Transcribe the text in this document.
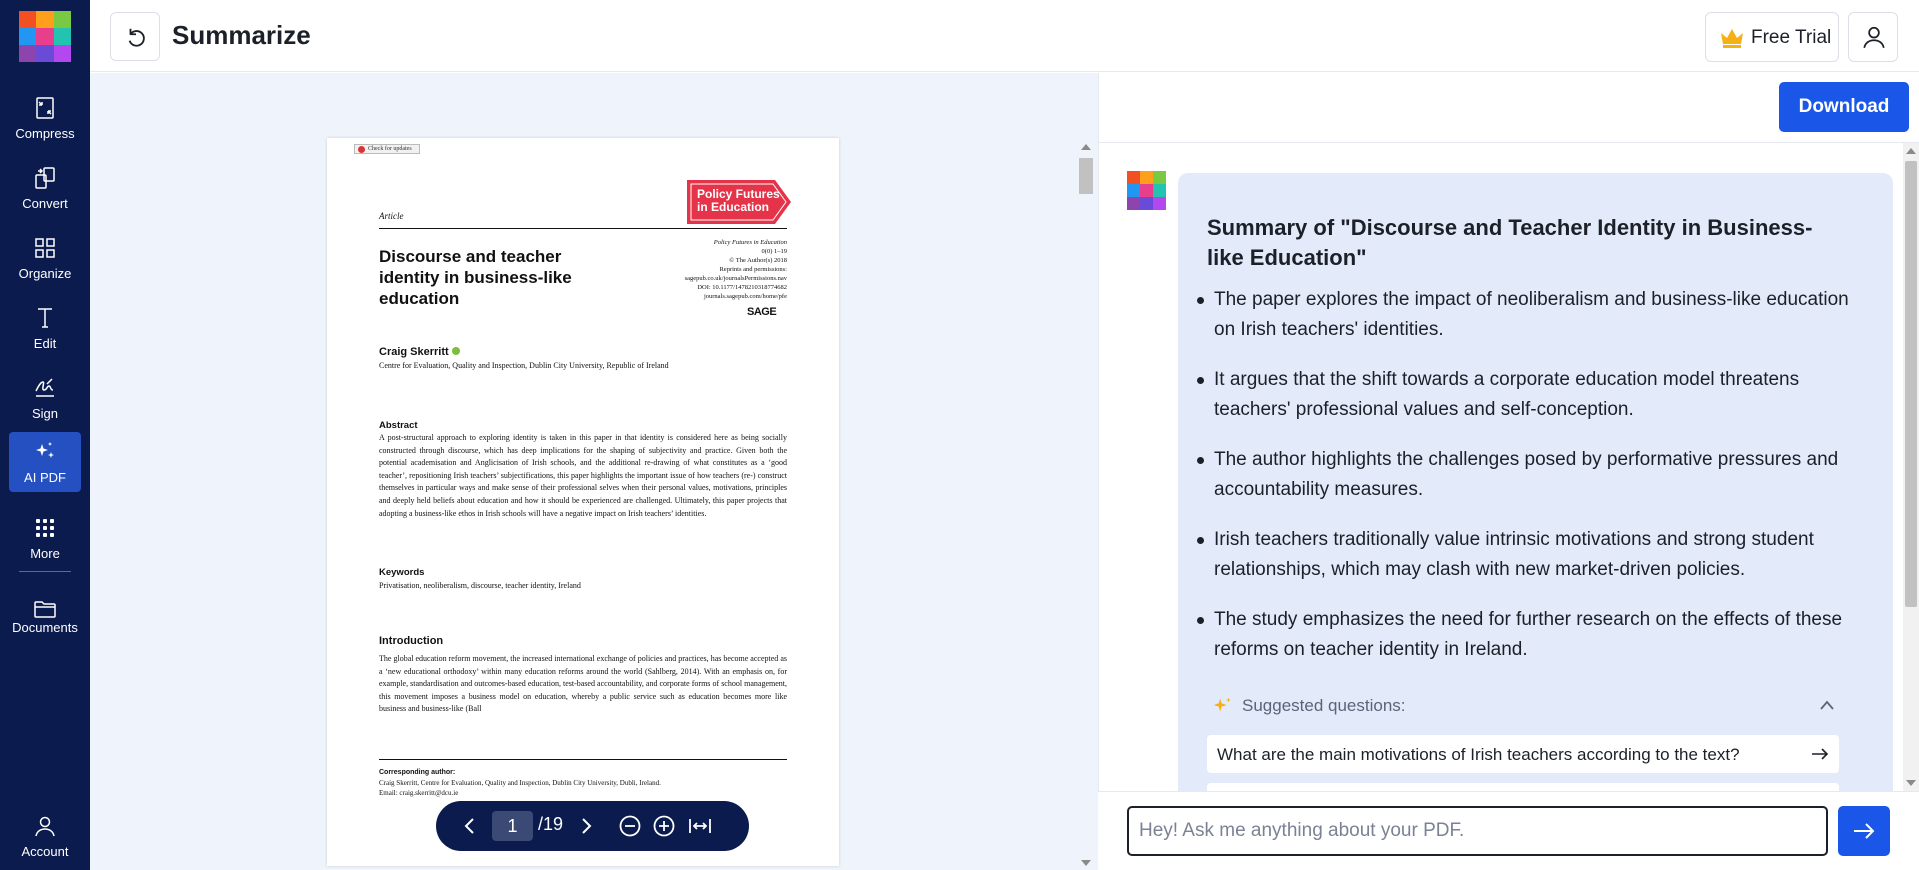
Compress
Convert
Organize
Edit
Sign
AI PDF
More
Documents
Account
Summarize	Free Trial
Check for updates
Policy Futures
in Education
Article
Discourse and teacher identity in business-like education
Policy Futures in Education
0(0) 1–19
© The Author(s) 2018
Reprints and permissions:
sagepub.co.uk/journalsPermissions.nav
DOI: 10.1177/1478210318774682
journals.sagepub.com/home/pfe
SAGE
Craig Skerritt
Centre for Evaluation, Quality and Inspection, Dublin City University, Republic of Ireland
Abstract
A post-structural approach to exploring identity is taken in this paper in that identity is considered here as being socially constructed through discourse, which has deep implications for the shaping of subjectivity and practice. Given both the potential academisation and Anglicisation of Irish schools, and the additional re-drawing of what constitutes as a ‘good teacher’, repositioning Irish teachers’ subjectifications, this paper highlights the important issue of how teachers (re-) construct themselves in particular ways and make sense of their professional selves when their personal values, motivations, principles and deeply held beliefs about education and how it should be experienced are challenged. Ultimately, this paper projects that adopting a business-like ethos in Irish schools will have a negative impact on Irish teachers’ identities.
Keywords
Privatisation, neoliberalism, discourse, teacher identity, Ireland
Introduction
The global education reform movement, the increased international exchange of policies and practices, has become accepted as a ‘new educational orthodoxy’ within many education reforms around the world (Sahlberg, 2014). With an emphasis on, for example, standardisation and outcomes-based education, test-based accountability, and corporate forms of school management, this movement imposes a business model on education, whereby a public service such as education becomes more like business and business-like (Ball
Corresponding author:
Craig Skerritt, Centre for Evaluation, Quality and Inspection, Dublin City University, Dubli, Ireland.
Email: craig.skerritt@dcu.ie
1	/19
Download
Summary of "Discourse and Teacher Identity in Business-like Education"
The paper explores the impact of neoliberalism and business-like education on Irish teachers' identities.
It argues that the shift towards a corporate education model threatens teachers' professional values and self-conception.
The author highlights the challenges posed by performative pressures and accountability measures.
Irish teachers traditionally value intrinsic motivations and strong student relationships, which may clash with new market-driven policies.
The study emphasizes the need for further research on the effects of these reforms on teacher identity in Ireland.
Suggested questions:
What are the main motivations of Irish teachers according to the text?
Hey! Ask me anything about your PDF.
